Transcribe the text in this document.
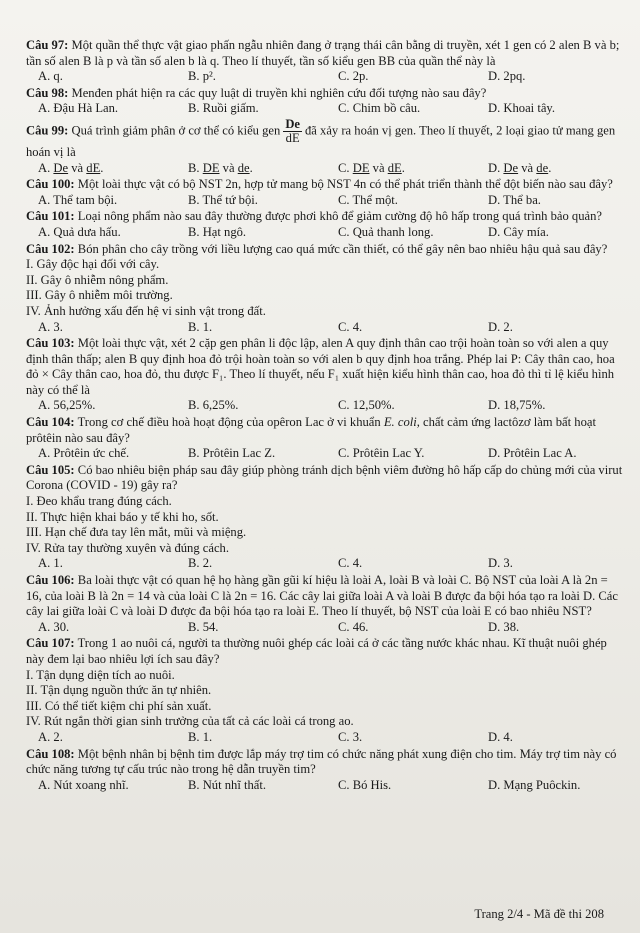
Câu 97: Một quần thể thực vật giao phấn ngẫu nhiên đang ở trạng thái cân bằng di truyền, xét 1 gen có 2 alen B và b; tần số alen B là p và tần số alen b là q. Theo lí thuyết, tần số kiểu gen BB của quần thể này là

A. q.	B. p².	C. 2p.	D. 2pq.

Câu 98: Menđen phát hiện ra các quy luật di truyền khi nghiên cứu đối tượng nào sau đây?

A. Đậu Hà Lan.	B. Ruồi giấm.	C. Chim bồ câu.	D. Khoai tây.

Câu 99: Quá trình giảm phân ở cơ thể có kiểu gen $\frac{De}{dE}$ đã xảy ra hoán vị gen. Theo lí thuyết, 2 loại giao tử mang gen hoán vị là

A. De và dE.	B. DE và de.	C. DE và dE.	D. De và de.

Câu 100: Một loài thực vật có bộ NST 2n, hợp tử mang bộ NST 4n có thể phát triển thành thể đột biến nào sau đây?

A. Thể tam bội.	B. Thể tứ bội.	C. Thể một.	D. Thể ba.

Câu 101: Loại nông phẩm nào sau đây thường được phơi khô để giảm cường độ hô hấp trong quá trình bảo quản?

A. Quả dưa hấu.	B. Hạt ngô.	C. Quả thanh long.	D. Cây mía.

Câu 102: Bón phân cho cây trồng với liều lượng cao quá mức cần thiết, có thể gây nên bao nhiêu hậu quả sau đây?

I. Gây độc hại đối với cây.

II. Gây ô nhiễm nông phẩm.

III. Gây ô nhiễm môi trường.

IV. Ảnh hưởng xấu đến hệ vi sinh vật trong đất.

A. 3.	B. 1.	C. 4.	D. 2.

Câu 103: Một loài thực vật, xét 2 cặp gen phân li độc lập, alen A quy định thân cao trội hoàn toàn so với alen a quy định thân thấp; alen B quy định hoa đỏ trội hoàn toàn so với alen b quy định hoa trắng. Phép lai P: Cây thân cao, hoa đỏ × Cây thân cao, hoa đỏ, thu được F₁. Theo lí thuyết, nếu F₁ xuất hiện kiểu hình thân cao, hoa đỏ thì tỉ lệ kiểu hình này có thể là

A. 56,25%.	B. 6,25%.	C. 12,50%.	D. 18,75%.

Câu 104: Trong cơ chế điều hoà hoạt động của opêron Lac ở vi khuẩn E. coli, chất cảm ứng lactôzơ làm bất hoạt prôtêin nào sau đây?

A. Prôtêin ức chế.	B. Prôtêin Lac Z.	C. Prôtêin Lac Y.	D. Prôtêin Lac A.

Câu 105: Có bao nhiêu biện pháp sau đây giúp phòng tránh dịch bệnh viêm đường hô hấp cấp do chủng mới của virut Corona (COVID - 19) gây ra?

I. Đeo khẩu trang đúng cách.

II. Thực hiện khai báo y tế khi ho, sốt.

III. Hạn chế đưa tay lên mắt, mũi và miệng.

IV. Rửa tay thường xuyên và đúng cách.

A. 1.	B. 2.	C. 4.	D. 3.

Câu 106: Ba loài thực vật có quan hệ họ hàng gần gũi kí hiệu là loài A, loài B và loài C. Bộ NST của loài A là 2n = 16, của loài B là 2n = 14 và của loài C là 2n = 16. Các cây lai giữa loài A và loài B được đa bội hóa tạo ra loài D. Các cây lai giữa loài C và loài D được đa bội hóa tạo ra loài E. Theo lí thuyết, bộ NST của loài E có bao nhiêu NST?

A. 30.	B. 54.	C. 46.	D. 38.

Câu 107: Trong 1 ao nuôi cá, người ta thường nuôi ghép các loài cá ở các tầng nước khác nhau. Kĩ thuật nuôi ghép này đem lại bao nhiêu lợi ích sau đây?

I. Tận dụng diện tích ao nuôi.

II. Tận dụng nguồn thức ăn tự nhiên.

III. Có thể tiết kiệm chi phí sản xuất.

IV. Rút ngắn thời gian sinh trưởng của tất cả các loài cá trong ao.

A. 2.	B. 1.	C. 3.	D. 4.

Câu 108: Một bệnh nhân bị bệnh tim được lắp máy trợ tim có chức năng phát xung điện cho tim. Máy trợ tim này có chức năng tương tự cấu trúc nào trong hệ dẫn truyền tim?

A. Nút xoang nhĩ.	B. Nút nhĩ thất.	C. Bó His.	D. Mạng Puôckin.
Trang 2/4 - Mã đề thi 208
